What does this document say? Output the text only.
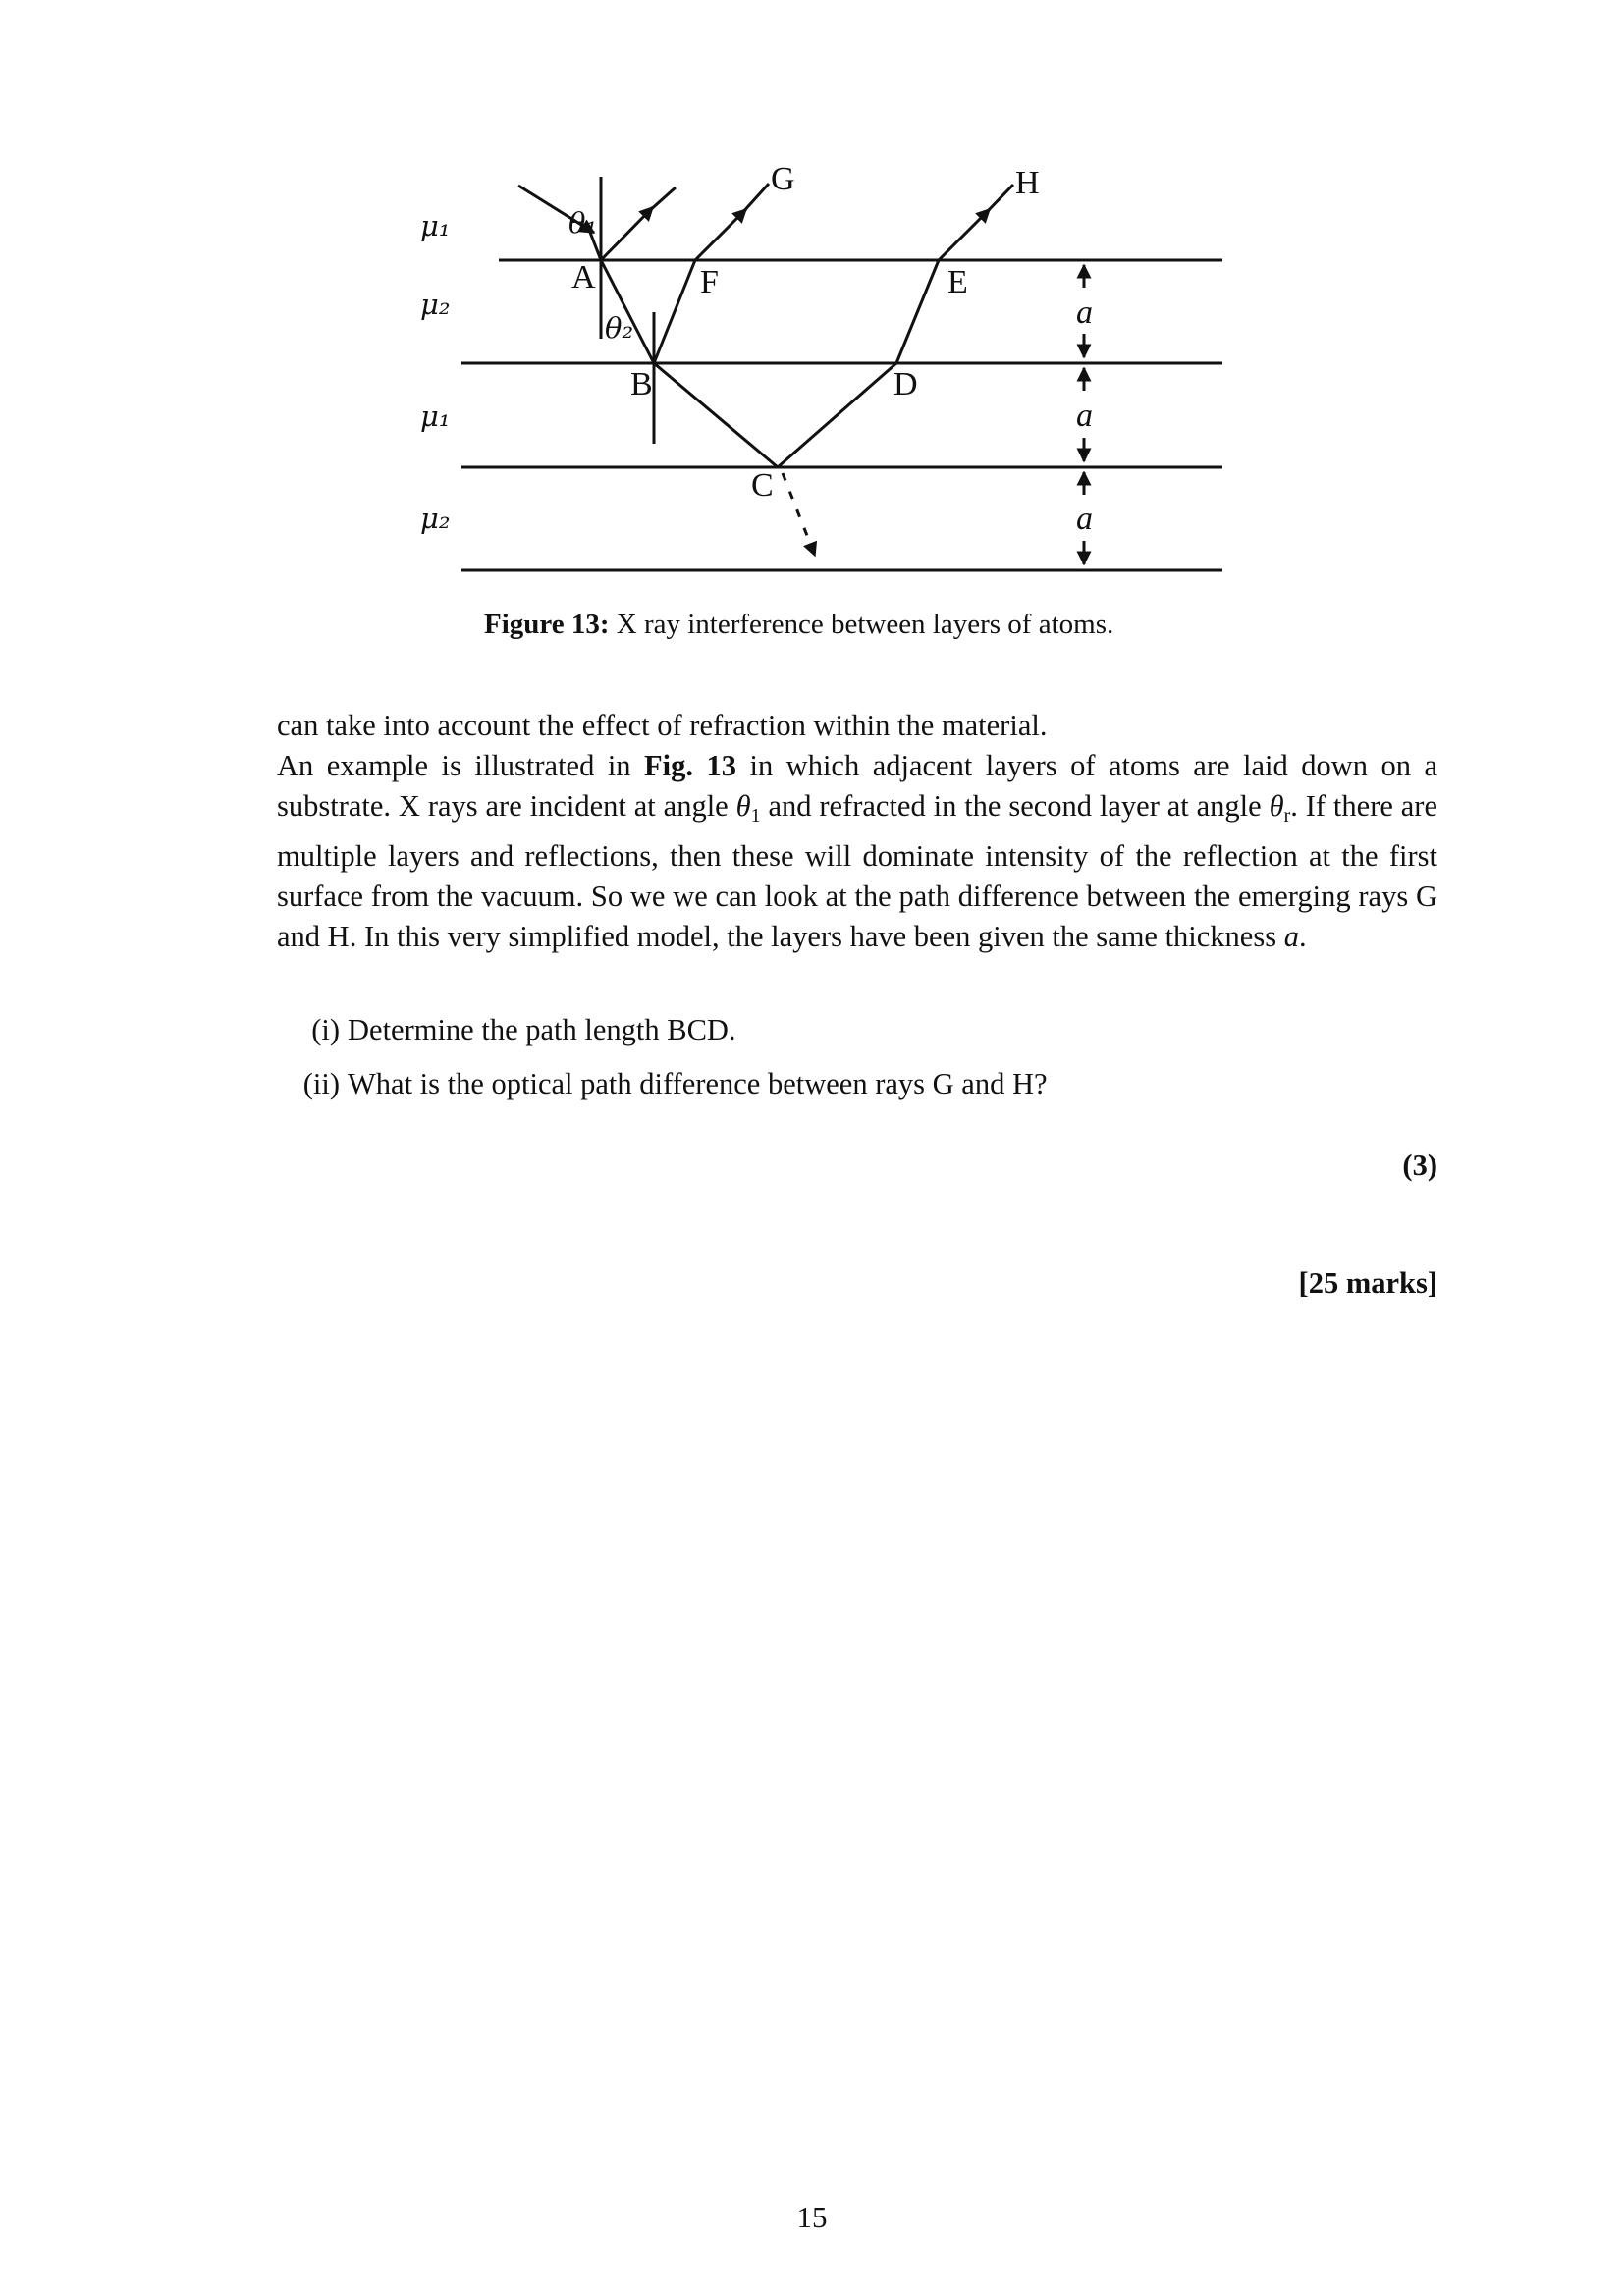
μ₁
μ₂
μ₁
μ₂
θ₁
θ₂
A	F	E
B	D
C
G	H
a
a
a
Figure 13: X ray interference between layers of atoms.

can take into account the effect of refraction within the material.

An example is illustrated in Fig. 13 in which adjacent layers of atoms are laid down on a substrate. X rays are incident at angle $\theta_1$ and refracted in the second layer at angle $\theta_r$. If there are multiple layers and reflections, then these will dominate intensity of the reflection at the first surface from the vacuum. So we we can look at the path difference between the emerging rays G and H. In this very simplified model, the layers have been given the same thickness a.

(i) Determine the path length BCD.
(ii) What is the optical path difference between rays G and H?
(3)
[25 marks]
15
